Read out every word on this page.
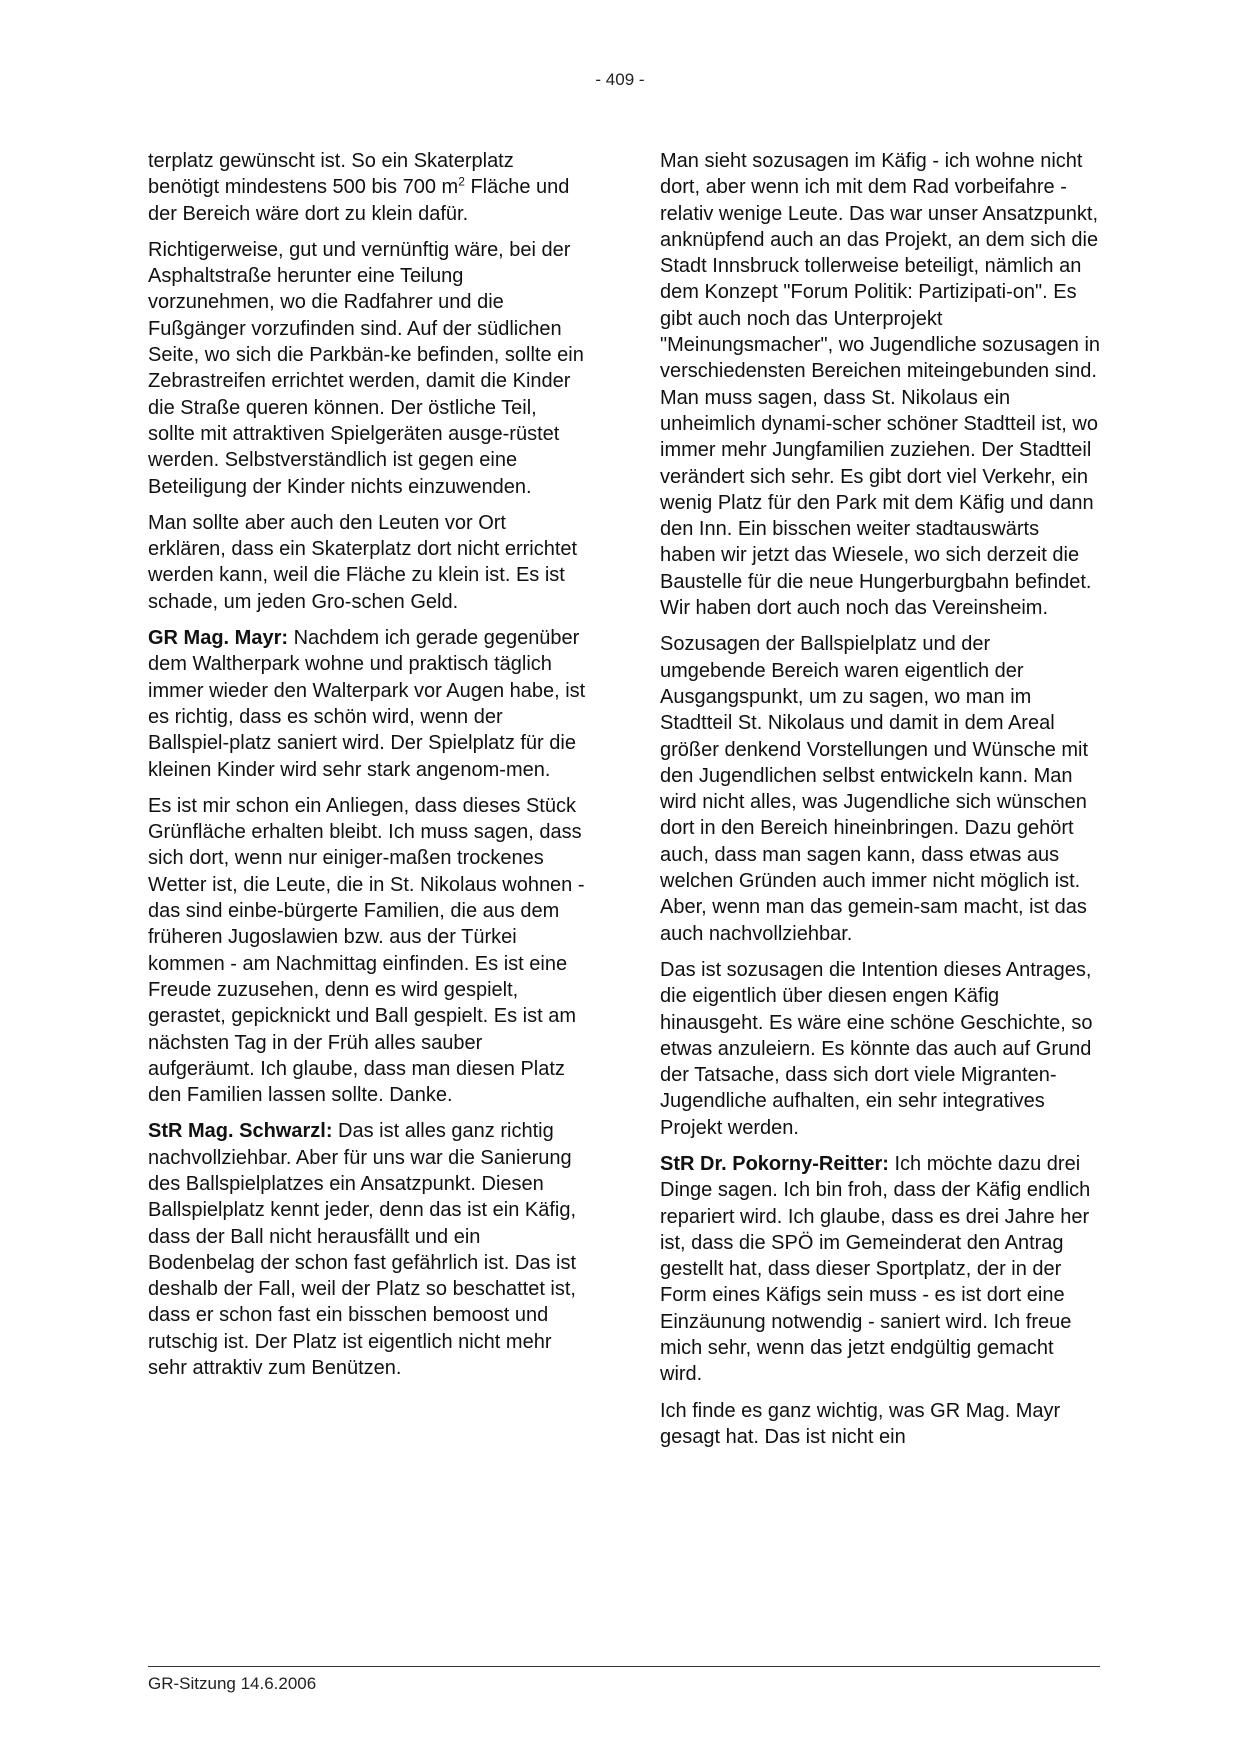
- 409 -

terplatz gewünscht ist. So ein Skaterplatz benötigt mindestens 500 bis 700 $m^2$ Fläche und der Bereich wäre dort zu klein dafür.

Richtigerweise, gut und vernünftig wäre, bei der Asphaltstraße herunter eine Teilung vorzunehmen, wo die Radfahrer und die Fußgänger vorzufinden sind. Auf der südlichen Seite, wo sich die Parkbän-ke befinden, sollte ein Zebrastreifen errichtet werden, damit die Kinder die Straße queren können. Der östliche Teil, sollte mit attraktiven Spielgeräten ausge-rüstet werden. Selbstverständlich ist gegen eine Beteiligung der Kinder nichts einzuwenden.

Man sollte aber auch den Leuten vor Ort erklären, dass ein Skaterplatz dort nicht errichtet werden kann, weil die Fläche zu klein ist. Es ist schade, um jeden Gro-schen Geld.

GR Mag. Mayr: Nachdem ich gerade gegenüber dem Waltherpark wohne und praktisch täglich immer wieder den Walterpark vor Augen habe, ist es richtig, dass es schön wird, wenn der Ballspiel-platz saniert wird. Der Spielplatz für die kleinen Kinder wird sehr stark angenom-men.

Es ist mir schon ein Anliegen, dass dieses Stück Grünfläche erhalten bleibt. Ich muss sagen, dass sich dort, wenn nur einiger-maßen trockenes Wetter ist, die Leute, die in St. Nikolaus wohnen - das sind einbe-bürgerte Familien, die aus dem früheren Jugoslawien bzw. aus der Türkei kommen - am Nachmittag einfinden. Es ist eine Freude zuzusehen, denn es wird gespielt, gerastet, gepicknickt und Ball gespielt. Es ist am nächsten Tag in der Früh alles sauber aufgeräumt. Ich glaube, dass man diesen Platz den Familien lassen sollte. Danke.

StR Mag. Schwarzl: Das ist alles ganz richtig nachvollziehbar. Aber für uns war die Sanierung des Ballspielplatzes ein Ansatzpunkt. Diesen Ballspielplatz kennt jeder, denn das ist ein Käfig, dass der Ball nicht herausfällt und ein Bodenbelag der schon fast gefährlich ist. Das ist deshalb der Fall, weil der Platz so beschattet ist, dass er schon fast ein bisschen bemoost und rutschig ist. Der Platz ist eigentlich nicht mehr sehr attraktiv zum Benützen.

Man sieht sozusagen im Käfig - ich wohne nicht dort, aber wenn ich mit dem Rad vorbeifahre - relativ wenige Leute. Das war unser Ansatzpunkt, anknüpfend auch an das Projekt, an dem sich die Stadt Innsbruck tollerweise beteiligt, nämlich an dem Konzept "Forum Politik: Partizipati-on". Es gibt auch noch das Unterprojekt "Meinungsmacher", wo Jugendliche sozusagen in verschiedensten Bereichen miteingebunden sind. Man muss sagen, dass St. Nikolaus ein unheimlich dynami-scher schöner Stadtteil ist, wo immer mehr Jungfamilien zuziehen. Der Stadtteil verändert sich sehr. Es gibt dort viel Verkehr, ein wenig Platz für den Park mit dem Käfig und dann den Inn. Ein bisschen weiter stadtauswärts haben wir jetzt das Wiesele, wo sich derzeit die Baustelle für die neue Hungerburgbahn befindet. Wir haben dort auch noch das Vereinsheim.

Sozusagen der Ballspielplatz und der umgebende Bereich waren eigentlich der Ausgangspunkt, um zu sagen, wo man im Stadtteil St. Nikolaus und damit in dem Areal größer denkend Vorstellungen und Wünsche mit den Jugendlichen selbst entwickeln kann. Man wird nicht alles, was Jugendliche sich wünschen dort in den Bereich hineinbringen. Dazu gehört auch, dass man sagen kann, dass etwas aus welchen Gründen auch immer nicht möglich ist. Aber, wenn man das gemein-sam macht, ist das auch nachvollziehbar.

Das ist sozusagen die Intention dieses Antrages, die eigentlich über diesen engen Käfig hinausgeht. Es wäre eine schöne Geschichte, so etwas anzuleiern. Es könnte das auch auf Grund der Tatsache, dass sich dort viele Migranten-Jugendliche aufhalten, ein sehr integratives Projekt werden.

StR Dr. Pokorny-Reitter: Ich möchte dazu drei Dinge sagen. Ich bin froh, dass der Käfig endlich repariert wird. Ich glaube, dass es drei Jahre her ist, dass die SPÖ im Gemeinderat den Antrag gestellt hat, dass dieser Sportplatz, der in der Form eines Käfigs sein muss - es ist dort eine Einzäunung notwendig - saniert wird. Ich freue mich sehr, wenn das jetzt endgültig gemacht wird.

Ich finde es ganz wichtig, was GR Mag. Mayr gesagt hat. Das ist nicht ein

GR-Sitzung 14.6.2006
